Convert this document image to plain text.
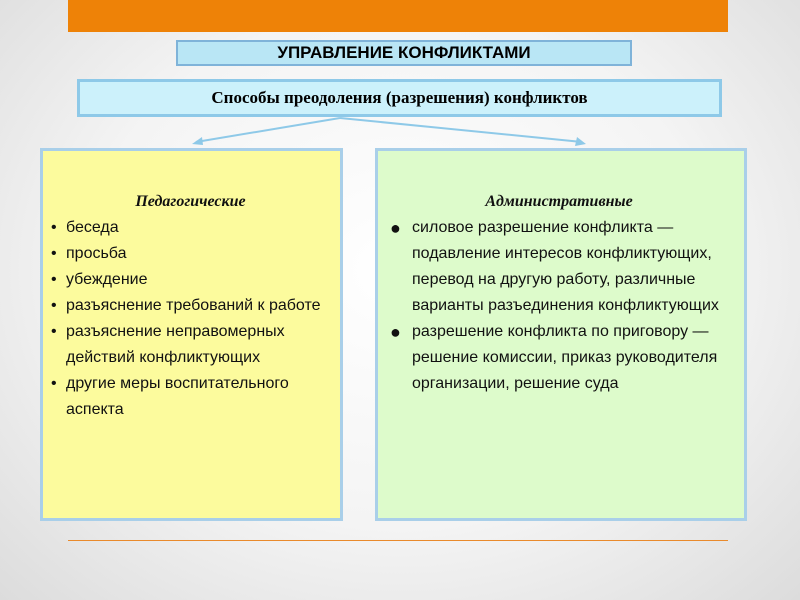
УПРАВЛЕНИЕ КОНФЛИКТАМИ
Способы преодоления (разрешения) конфликтов

Педагогические

• беседа
• просьба
• убеждение
• разъяснение требований к работе
• разъяснение неправомерных действий конфликтующих
• другие меры воспитательного аспекта

Административные

● силовое разрешение конфликта — подавление интересов конфликтующих, перевод на другую работу, различные варианты разъединения конфликтующих
● разрешение конфликта по приговору — решение комиссии, приказ руководителя организации, решение суда
